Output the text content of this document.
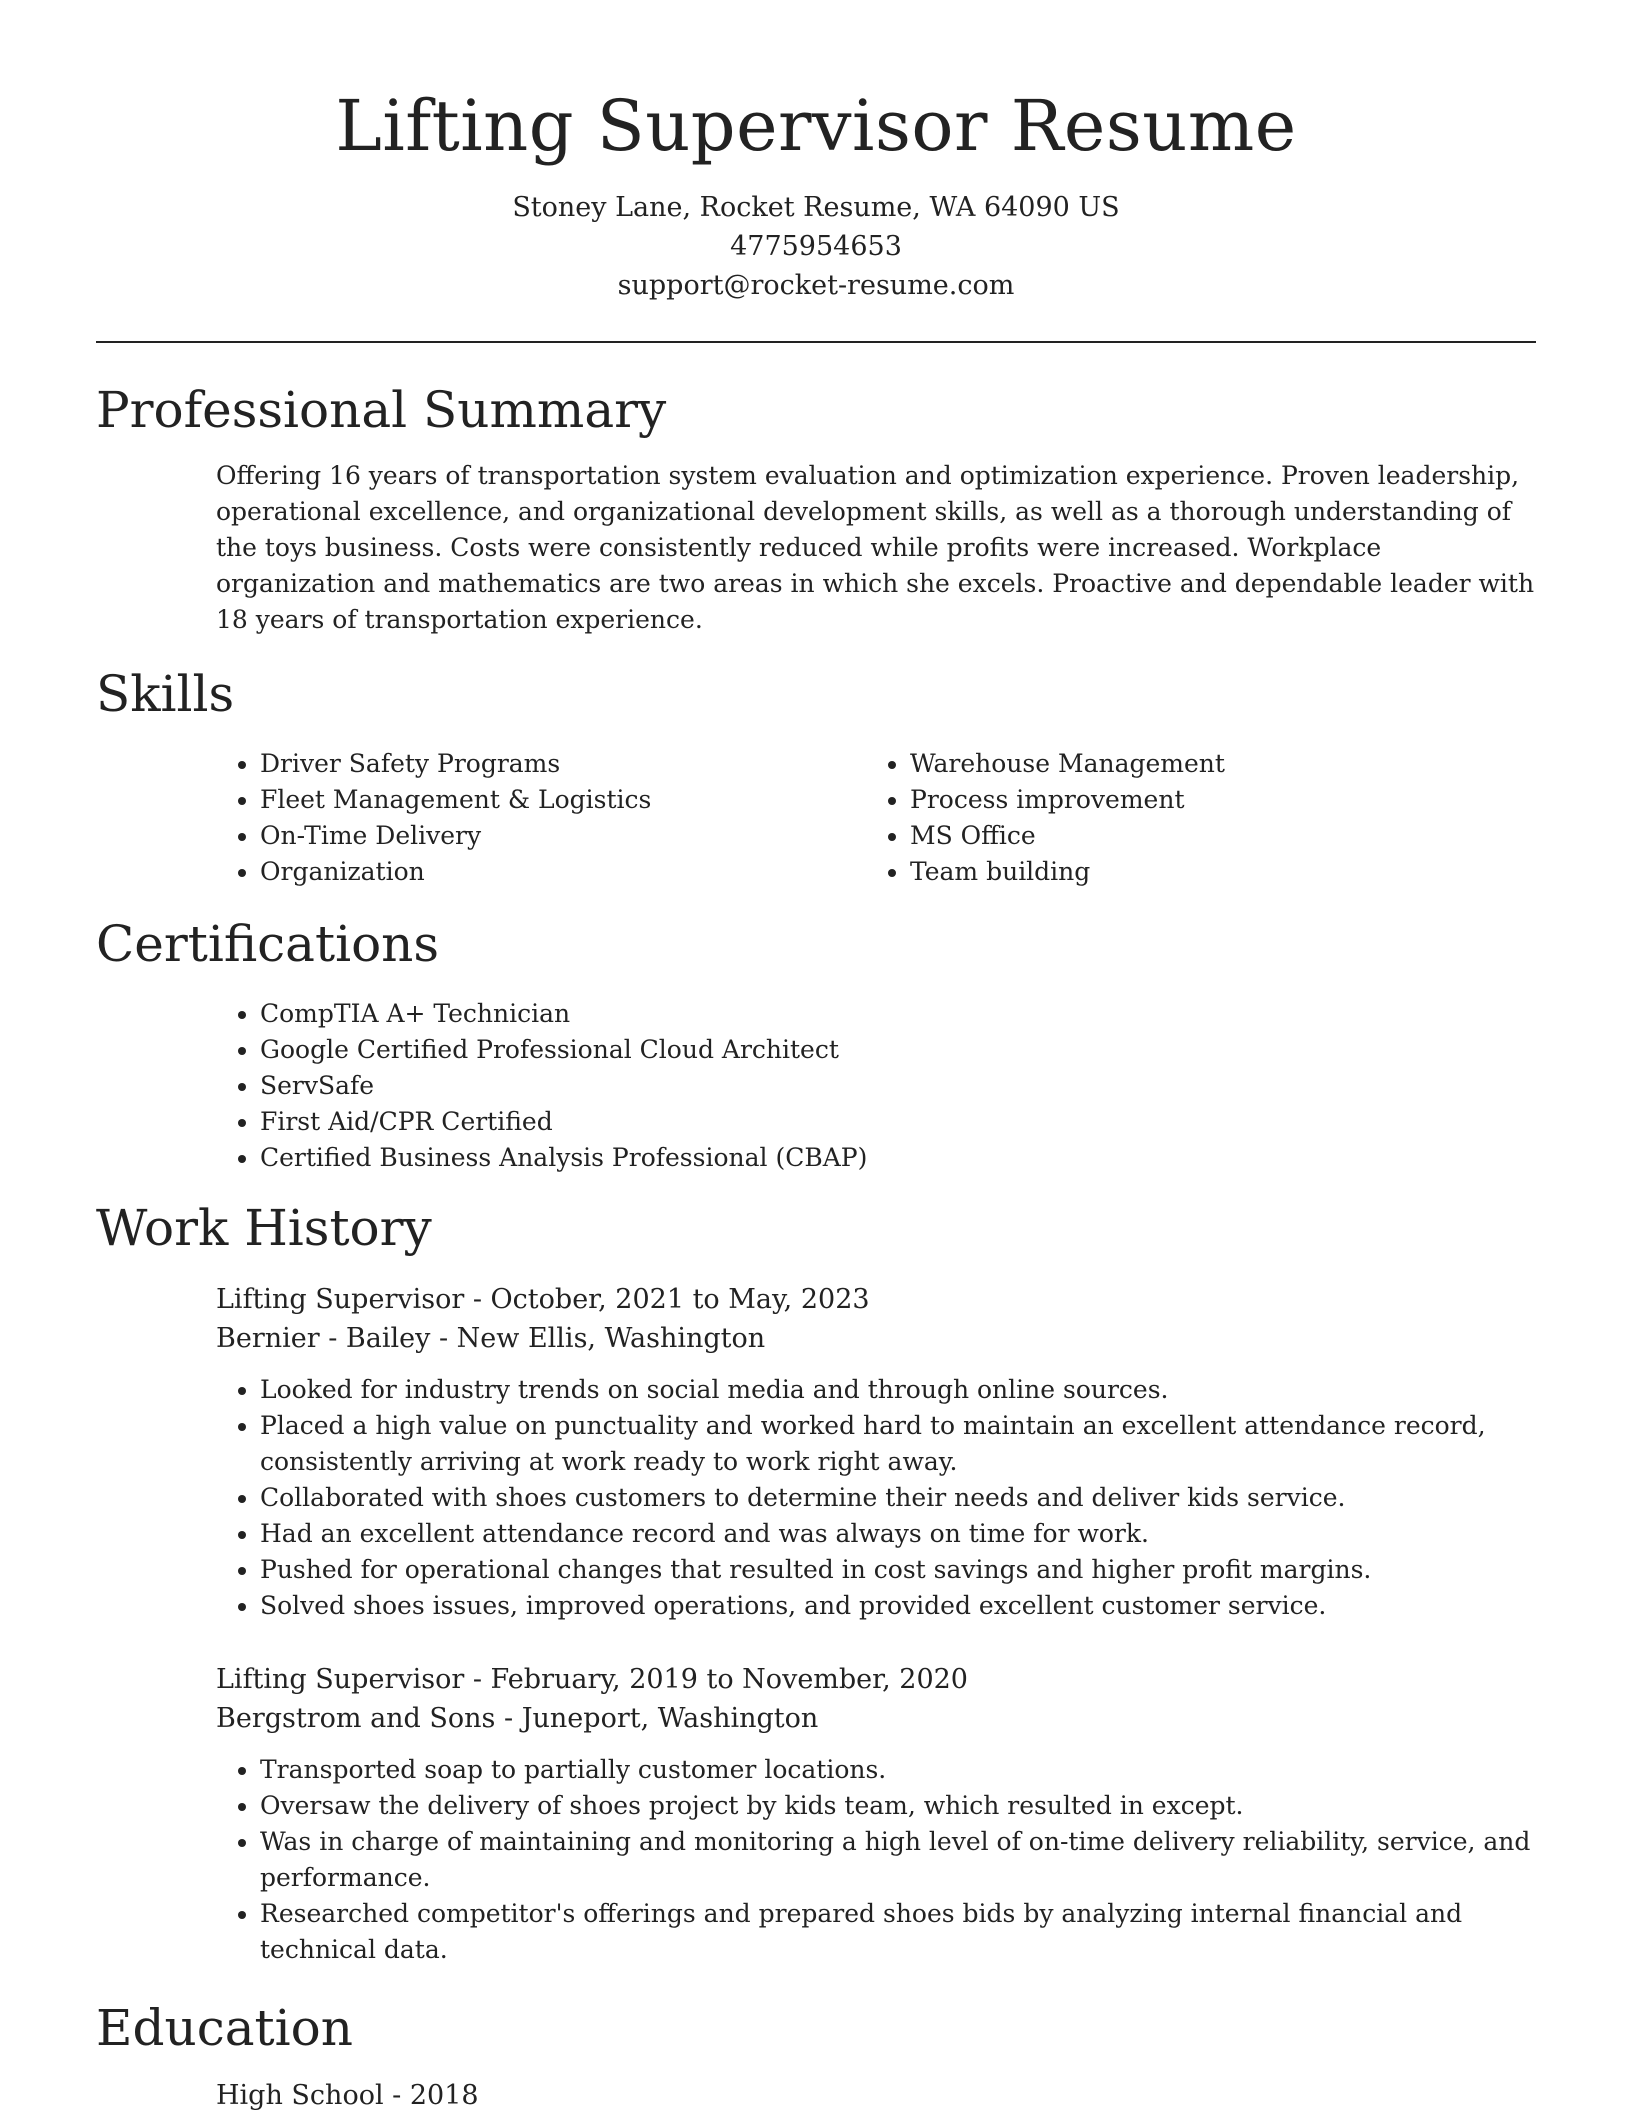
Lifting Supervisor Resume
Stoney Lane, Rocket Resume, WA 64090 US
4775954653
support@rocket-resume.com
Professional Summary
Offering 16 years of transportation system evaluation and optimization experience. Proven leadership, operational excellence, and organizational development skills, as well as a thorough understanding of the toys business. Costs were consistently reduced while profits were increased. Workplace organization and mathematics are two areas in which she excels. Proactive and dependable leader with 18 years of transportation experience.
Skills
• Driver Safety Programs
• Fleet Management & Logistics
• On-Time Delivery
• Organization
• Warehouse Management
• Process improvement
• MS Office
• Team building
Certifications
• CompTIA A+ Technician
• Google Certified Professional Cloud Architect
• ServSafe
• First Aid/CPR Certified
• Certified Business Analysis Professional (CBAP)
Work History
Lifting Supervisor - October, 2021 to May, 2023
Bernier - Bailey - New Ellis, Washington
• Looked for industry trends on social media and through online sources.
• Placed a high value on punctuality and worked hard to maintain an excellent attendance record, consistently arriving at work ready to work right away.
• Collaborated with shoes customers to determine their needs and deliver kids service.
• Had an excellent attendance record and was always on time for work.
• Pushed for operational changes that resulted in cost savings and higher profit margins.
• Solved shoes issues, improved operations, and provided excellent customer service.
Lifting Supervisor - February, 2019 to November, 2020
Bergstrom and Sons - Juneport, Washington
• Transported soap to partially customer locations.
• Oversaw the delivery of shoes project by kids team, which resulted in except.
• Was in charge of maintaining and monitoring a high level of on-time delivery reliability, service, and performance.
• Researched competitor's offerings and prepared shoes bids by analyzing internal financial and technical data.
Education
High School - 2018
